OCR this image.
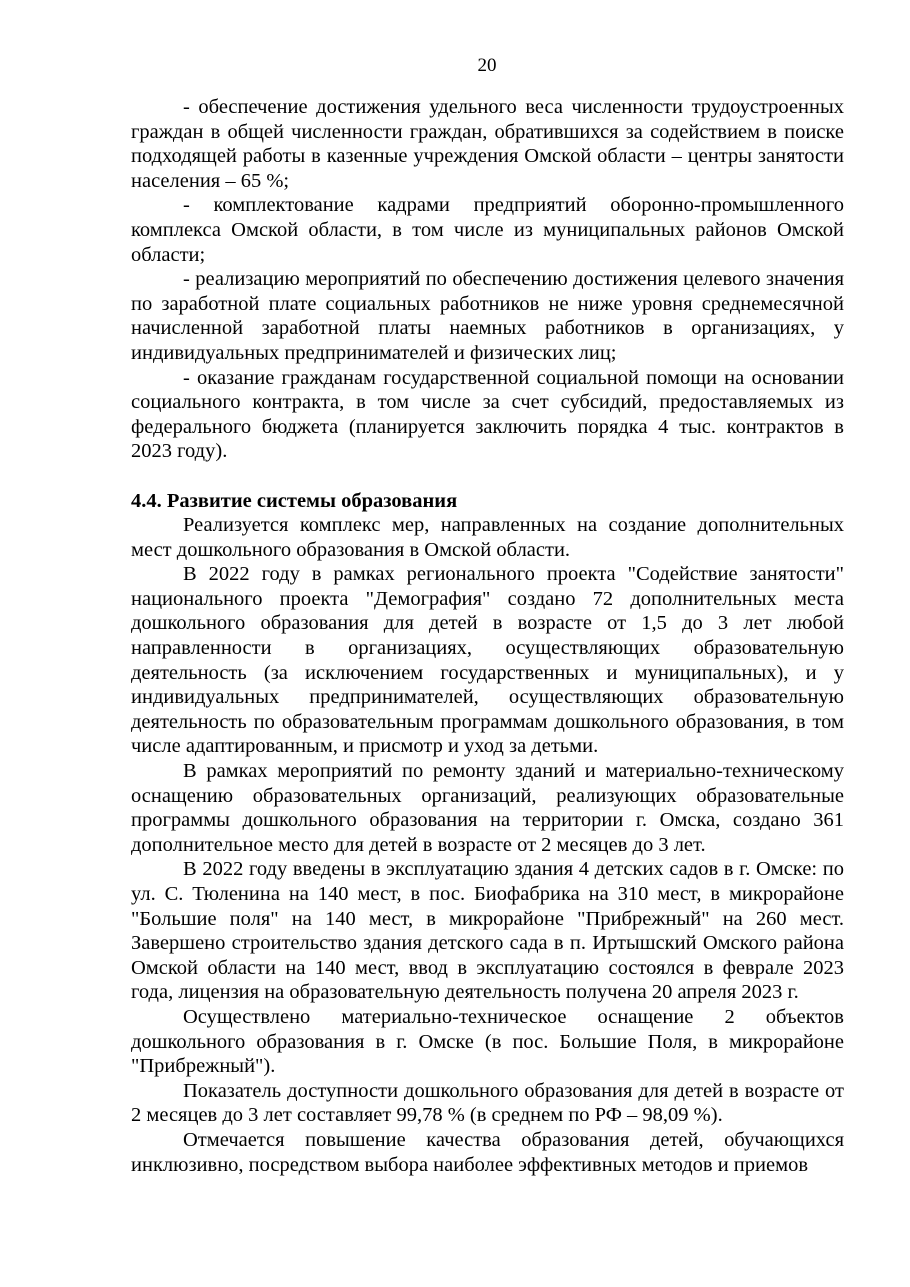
20

- обеспечение достижения удельного веса численности трудоустроенных граждан в общей численности граждан, обратившихся за содействием в поиске подходящей работы в казенные учреждения Омской области – центры занятости населения – 65 %;

- комплектование кадрами предприятий оборонно-промышленного комплекса Омской области, в том числе из муниципальных районов Омской области;

- реализацию мероприятий по обеспечению достижения целевого значения по заработной плате социальных работников не ниже уровня среднемесячной начисленной заработной платы наемных работников в организациях, у индивидуальных предпринимателей и физических лиц;

- оказание гражданам государственной социальной помощи на основании социального контракта, в том числе за счет субсидий, предоставляемых из федерального бюджета (планируется заключить порядка 4 тыс. контрактов в 2023 году).

4.4. Развитие системы образования

Реализуется комплекс мер, направленных на создание дополнительных мест дошкольного образования в Омской области.

В 2022 году в рамках регионального проекта "Содействие занятости" национального проекта "Демография" создано 72 дополнительных места дошкольного образования для детей в возрасте от 1,5 до 3 лет любой направленности в организациях, осуществляющих образовательную деятельность (за исключением государственных и муниципальных), и у индивидуальных предпринимателей, осуществляющих образовательную деятельность по образовательным программам дошкольного образования, в том числе адаптированным, и присмотр и уход за детьми.

В рамках мероприятий по ремонту зданий и материально-техническому оснащению образовательных организаций, реализующих образовательные программы дошкольного образования на территории г. Омска, создано 361 дополнительное место для детей в возрасте от 2 месяцев до 3 лет.

В 2022 году введены в эксплуатацию здания 4 детских садов в г. Омске: по ул. С. Тюленина на 140 мест, в пос. Биофабрика на 310 мест, в микрорайоне "Большие поля" на 140 мест, в микрорайоне "Прибрежный" на 260 мест. Завершено строительство здания детского сада в п. Иртышский Омского района Омской области на 140 мест, ввод в эксплуатацию состоялся в феврале 2023 года, лицензия на образовательную деятельность получена 20 апреля 2023 г.

Осуществлено материально-техническое оснащение 2 объектов дошкольного образования в г. Омске (в пос. Большие Поля, в микрорайоне "Прибрежный").

Показатель доступности дошкольного образования для детей в возрасте от 2 месяцев до 3 лет составляет 99,78 % (в среднем по РФ – 98,09 %).

Отмечается повышение качества образования детей, обучающихся инклюзивно, посредством выбора наиболее эффективных методов и приемов
